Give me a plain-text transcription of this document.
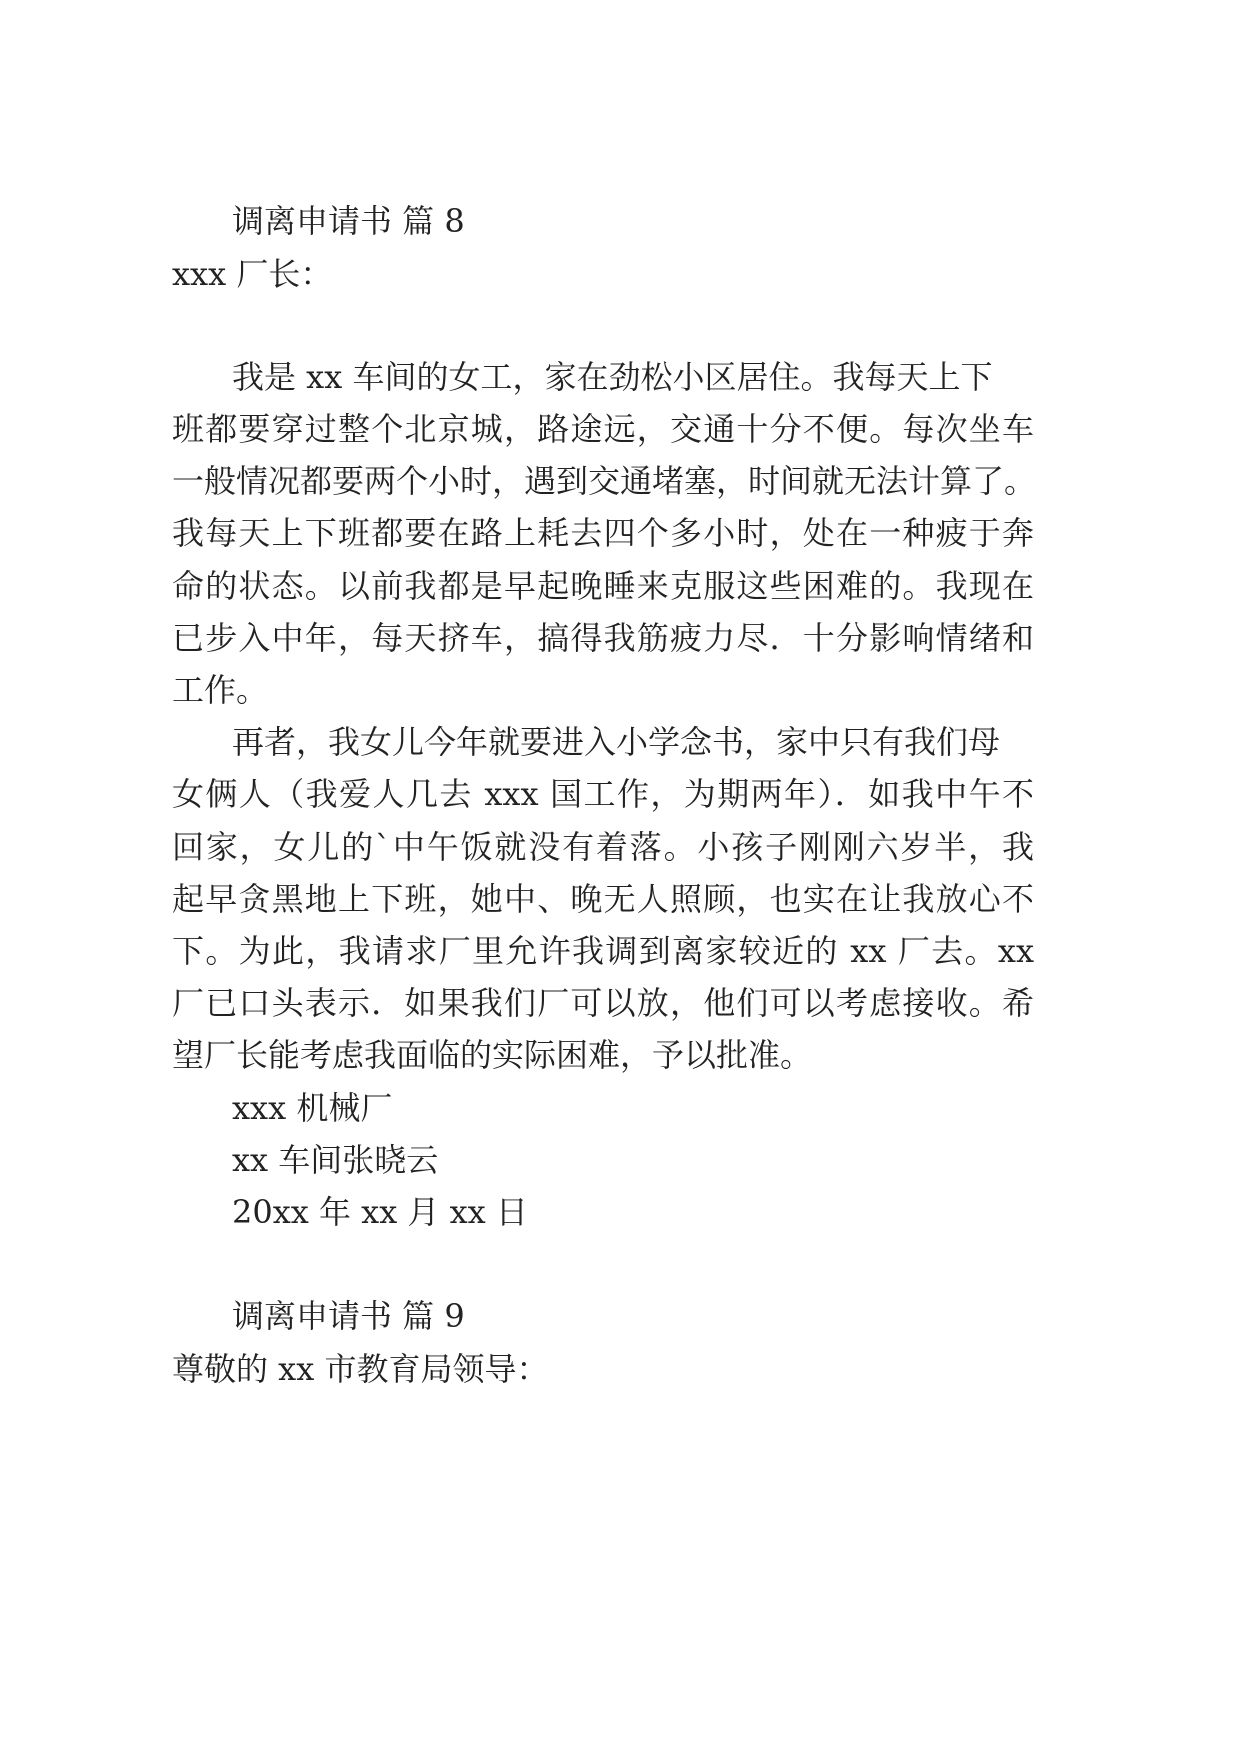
调离申请书 篇 8
xxx 厂长：
我是 xx 车间的女工，家在劲松小区居住。我每天上下
班都要穿过整个北京城，路途远，交通十分不便。每次坐车
一般情况都要两个小时，遇到交通堵塞，时间就无法计算了。
我每天上下班都要在路上耗去四个多小时，处在一种疲于奔
命的状态。以前我都是早起晚睡来克服这些困难的。我现在
已步入中年，每天挤车，搞得我筋疲力尽．十分影响情绪和
工作。
再者，我女儿今年就要进入小学念书，家中只有我们母
女俩人（我爱人几去 xxx 国工作，为期两年）．如我中午不
回家，女儿的`中午饭就没有着落。小孩子刚刚六岁半，我
起早贪黑地上下班，她中、晚无人照顾，也实在让我放心不
下。为此，我请求厂里允许我调到离家较近的 xx 厂去。xx
厂已口头表示．如果我们厂可以放，他们可以考虑接收。希
望厂长能考虑我面临的实际困难，予以批准。
xxx 机械厂
xx 车间张晓云
20xx 年 xx 月 xx 日
调离申请书 篇 9
尊敬的 xx 市教育局领导：
